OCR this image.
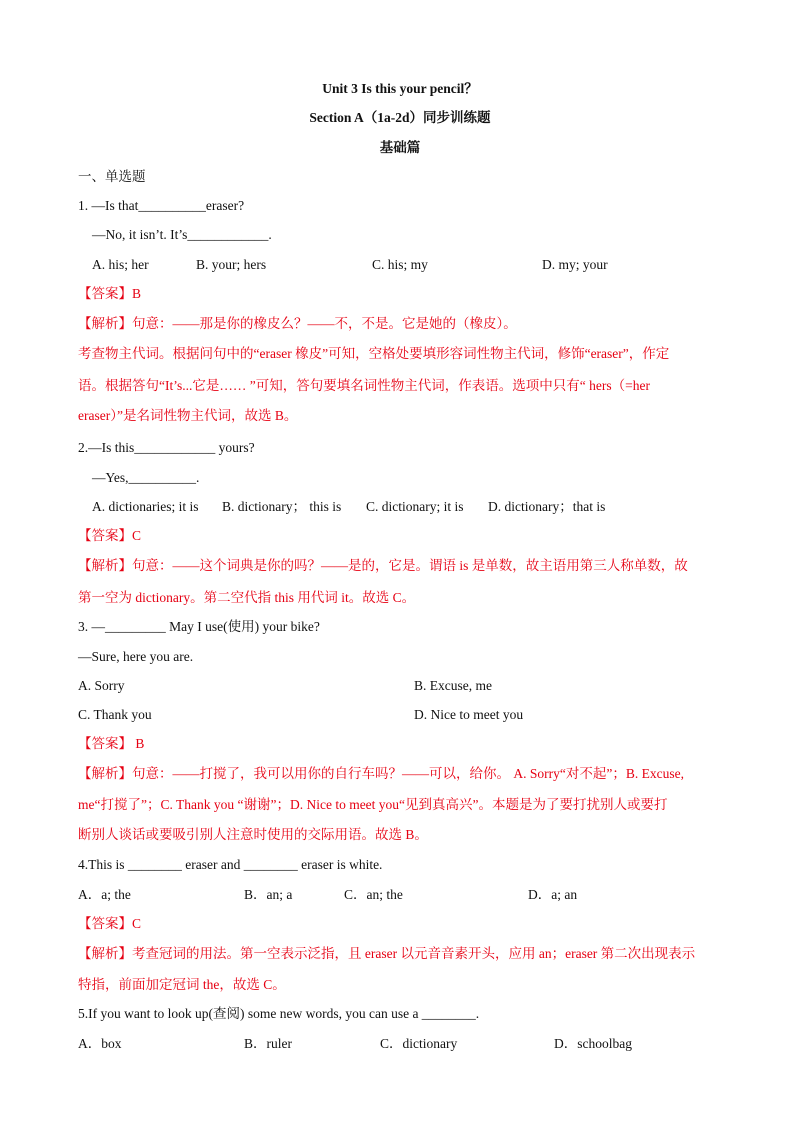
Unit 3 Is this your pencil？
Section A（1a-2d）同步训练题
基础篇
一、单选题
1. —Is that__________eraser?
—No, it isn’t. It’s____________.
A. his; her	B. your; hers	C. his; my	D. my; your
【答案】B
【解析】句意：——那是你的橡皮么？——不，不是。它是她的（橡皮）。
考查物主代词。根据问句中的“eraser 橡皮”可知，空格处要填形容词性物主代词，修饰“eraser”，作定
语。根据答句“It’s...它是…… ”可知，答句要填名词性物主代词，作表语。选项中只有“ hers（=her
eraser）”是名词性物主代词，故选 B。
2.—Is this____________ yours?
—Yes,__________.
A. dictionaries; it is B. dictionary； this is C. dictionary; it is D. dictionary；that is
【答案】C
【解析】句意：——这个词典是你的吗？——是的，它是。谓语 is 是单数，故主语用第三人称单数，故
第一空为 dictionary。第二空代指 this 用代词 it。故选 C。
3. —_________ May I use(使用) your bike?
—Sure, here you are.
A. Sorry	B. Excuse, me
C. Thank you	D. Nice to meet you
【答案】 B
【解析】句意：——打搅了，我可以用你的自行车吗？——可以，给你。 A. Sorry“对不起”；B. Excuse,
me“打搅了”；C. Thank you “谢谢”；D. Nice to meet you“见到真高兴”。本题是为了要打扰别人或要打
断别人谈话或要吸引别人注意时使用的交际用语。故选 B。
4.This is ________ eraser and ________ eraser is white.
A．a; the	B．an; a	C．an; the	D．a; an
【答案】C
【解析】考查冠词的用法。第一空表示泛指，且 eraser 以元音音素开头，应用 an；eraser 第二次出现表示
特指，前面加定冠词 the，故选 C。
5.If you want to look up(查阅) some new words, you can use a ________.
A．box	B．ruler	C．dictionary	D．schoolbag
